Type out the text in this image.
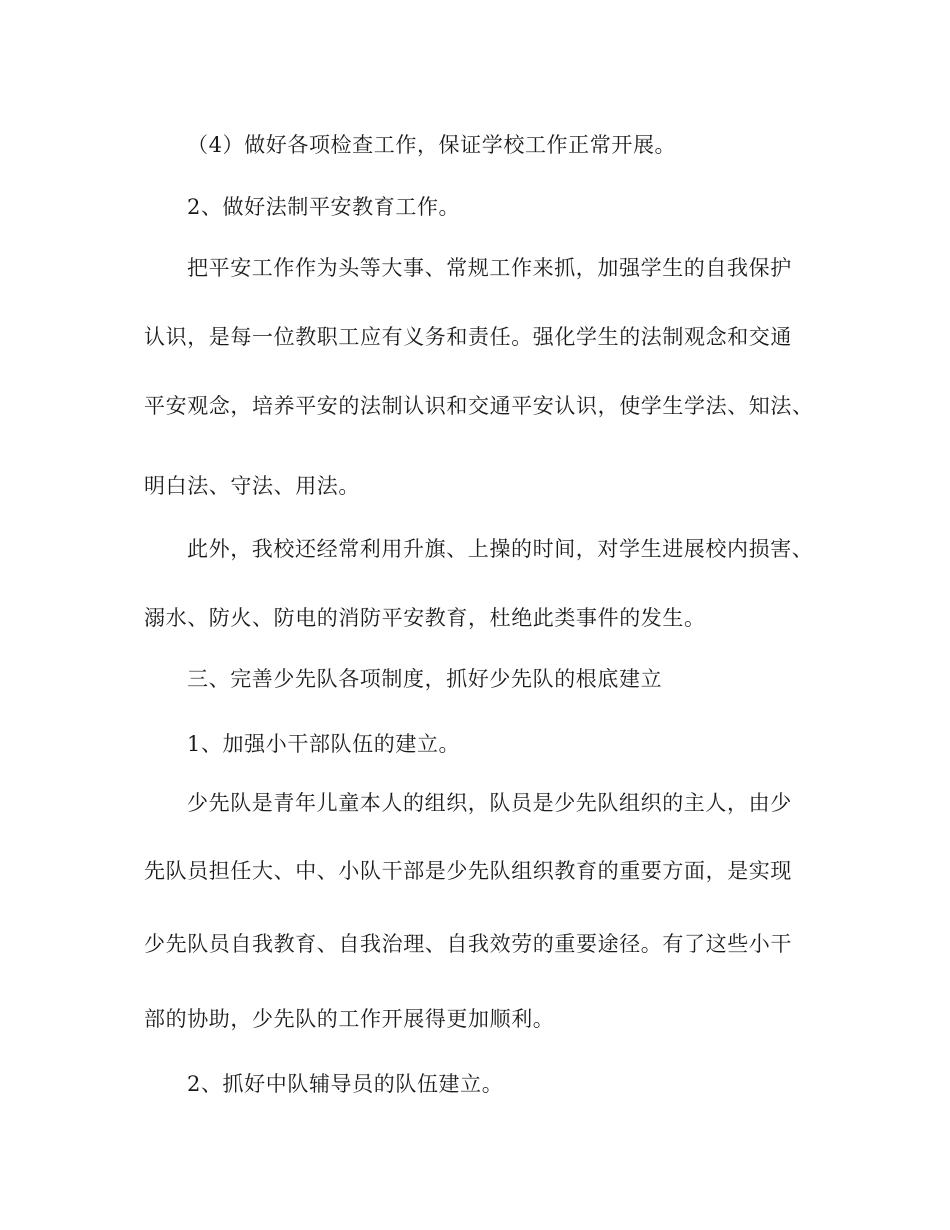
（4）做好各项检查工作，保证学校工作正常开展。
2、做好法制平安教育工作。
把平安工作作为头等大事、常规工作来抓，加强学生的自我保护
认识，是每一位教职工应有义务和责任。强化学生的法制观念和交通
平安观念，培养平安的法制认识和交通平安认识，使学生学法、知法、
明白法、守法、用法。
此外，我校还经常利用升旗、上操的时间，对学生进展校内损害、
溺水、防火、防电的消防平安教育，杜绝此类事件的发生。
三、完善少先队各项制度，抓好少先队的根底建立
1、加强小干部队伍的建立。
少先队是青年儿童本人的组织，队员是少先队组织的主人，由少
先队员担任大、中、小队干部是少先队组织教育的重要方面，是实现
少先队员自我教育、自我治理、自我效劳的重要途径。有了这些小干
部的协助，少先队的工作开展得更加顺利。
2、抓好中队辅导员的队伍建立。
